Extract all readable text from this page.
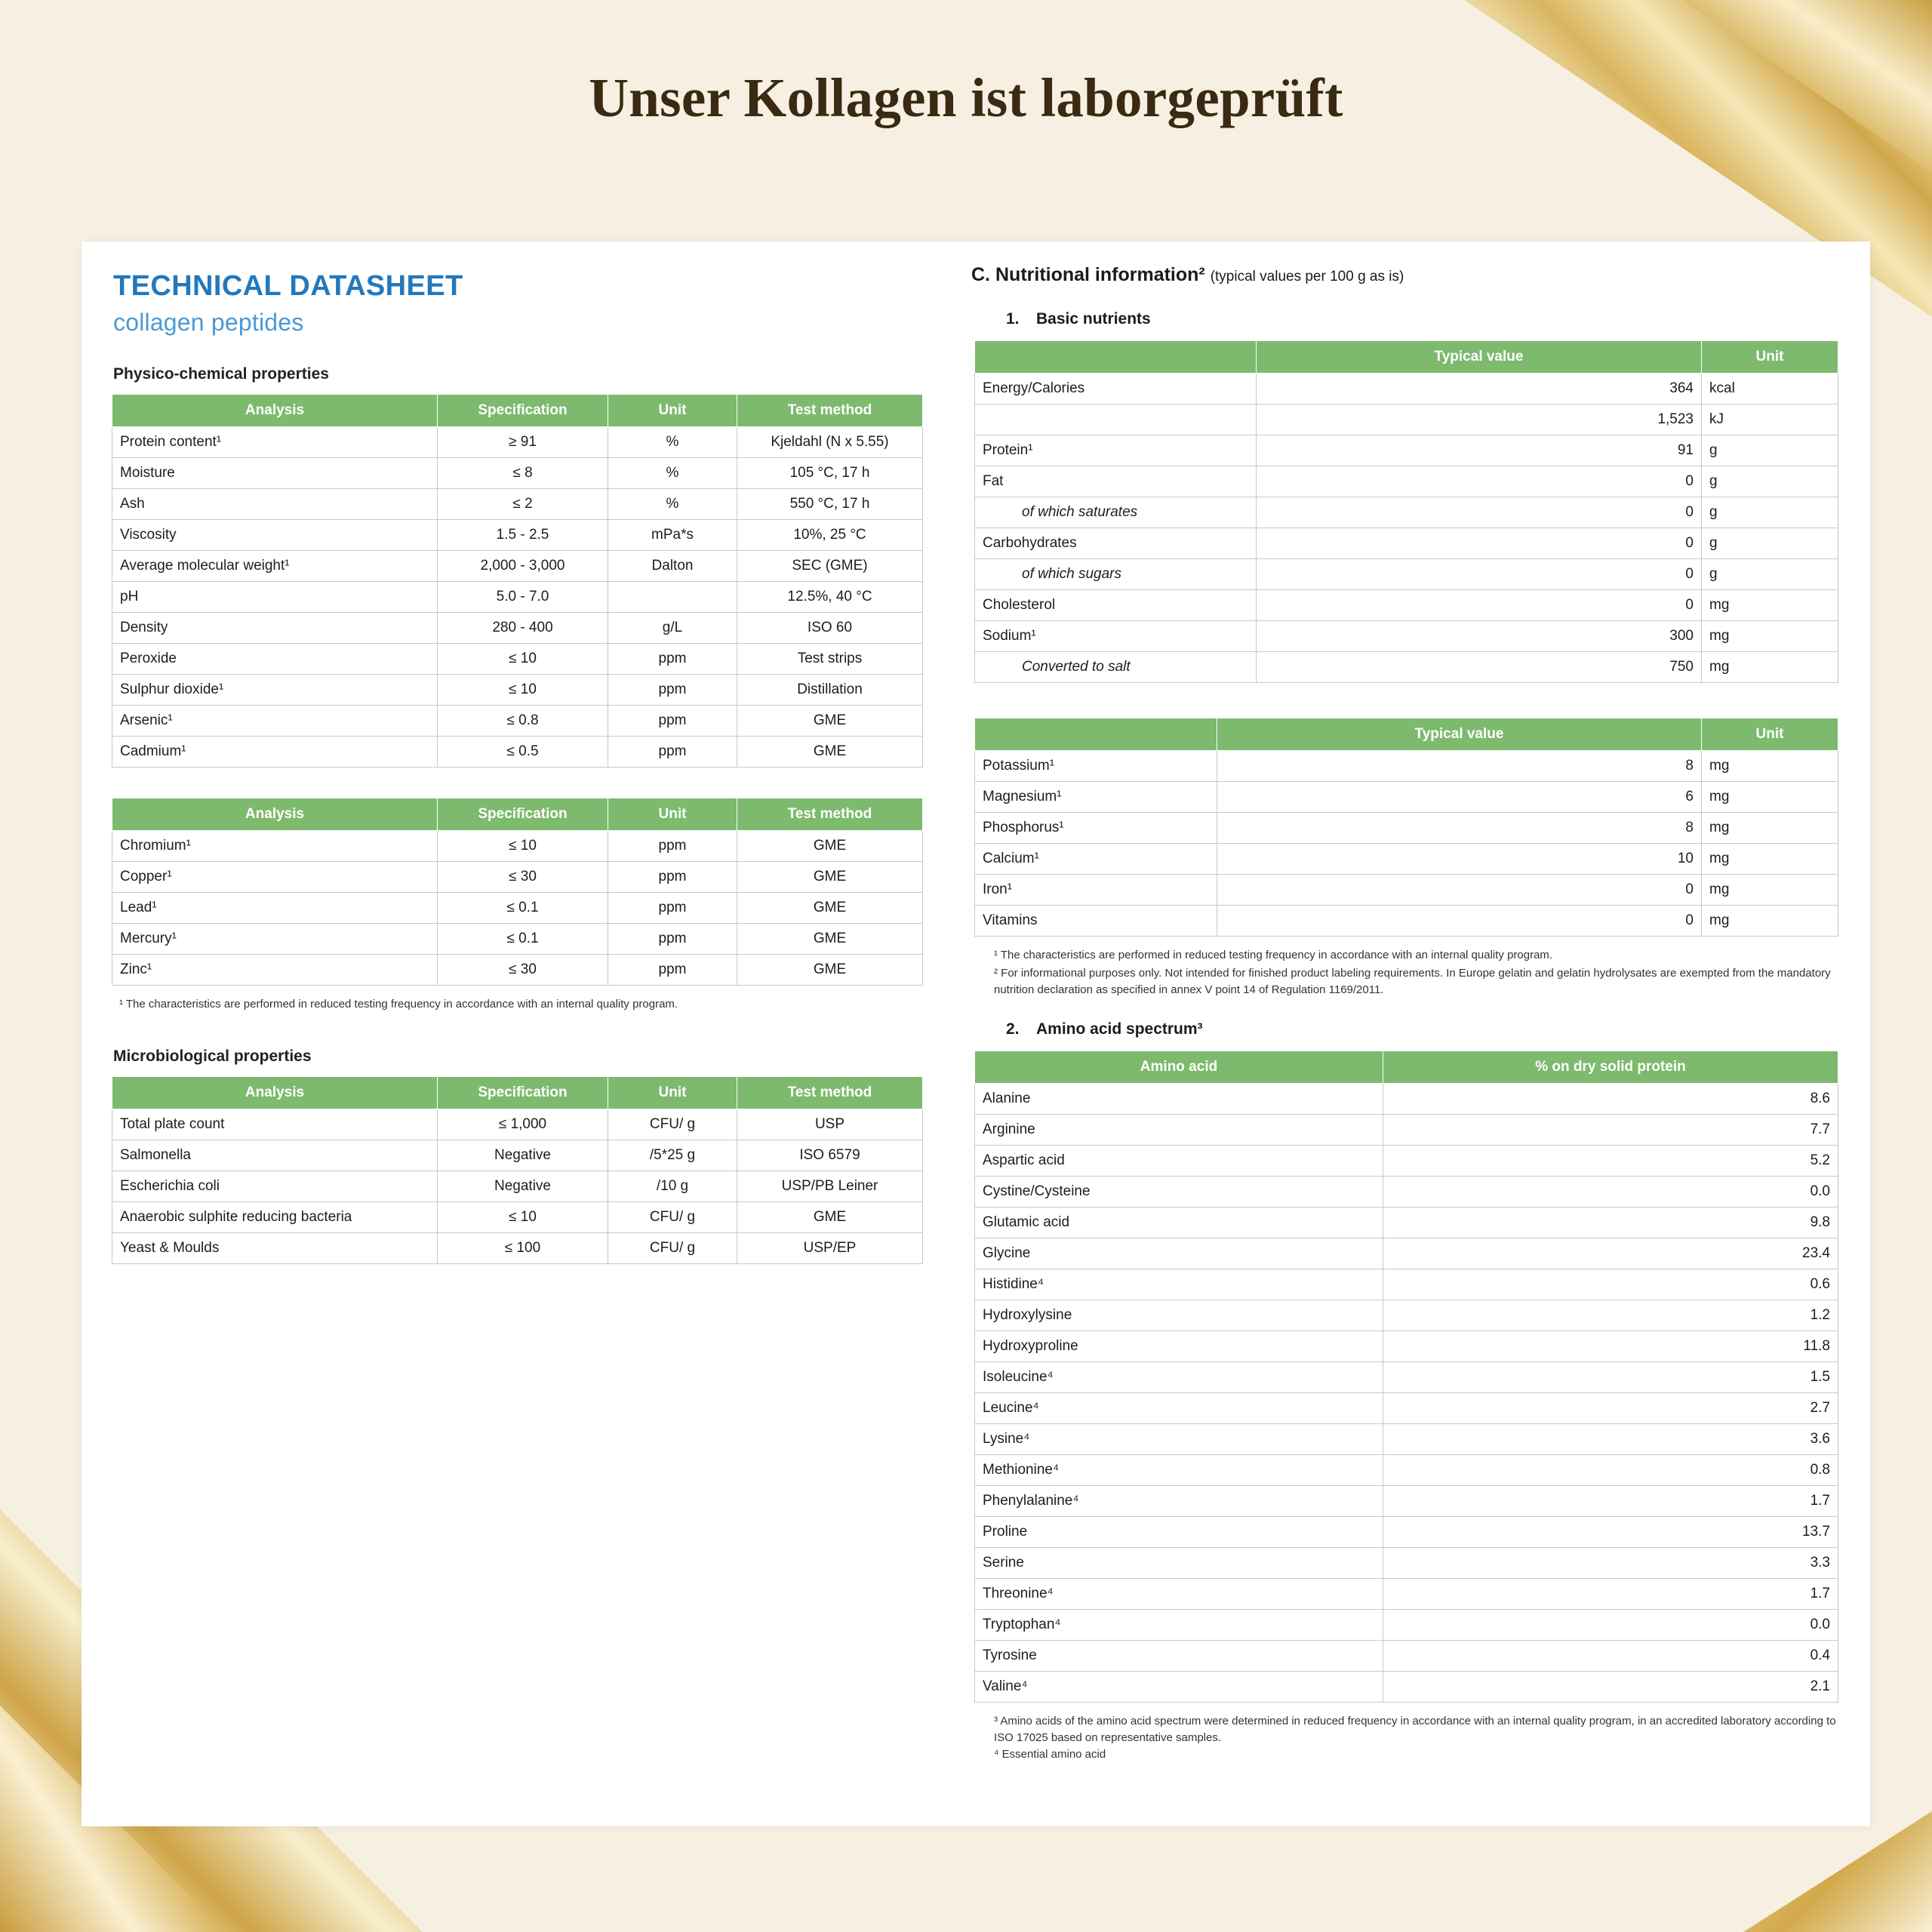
Unser Kollagen ist laborgeprüft
TECHNICAL DATASHEET
collagen peptides
Physico-chemical properties
Analysis	Specification	Unit	Test method
Protein content¹	≥ 91	%	Kjeldahl (N x 5.55)
Moisture	≤ 8	%	105 °C, 17 h
Ash	≤ 2	%	550 °C, 17 h
Viscosity	1.5 - 2.5	mPa*s	10%, 25 °C
Average molecular weight¹	2,000 - 3,000	Dalton	SEC (GME)
pH	5.0 - 7.0		12.5%, 40 °C
Density	280 - 400	g/L	ISO 60
Peroxide	≤ 10	ppm	Test strips
Sulphur dioxide¹	≤ 10	ppm	Distillation
Arsenic¹	≤ 0.8	ppm	GME
Cadmium¹	≤ 0.5	ppm	GME
Analysis	Specification	Unit	Test method
Chromium¹	≤ 10	ppm	GME
Copper¹	≤ 30	ppm	GME
Lead¹	≤ 0.1	ppm	GME
Mercury¹	≤ 0.1	ppm	GME
Zinc¹	≤ 30	ppm	GME
¹ The characteristics are performed in reduced testing frequency in accordance with an internal quality program.
Microbiological properties
Analysis	Specification	Unit	Test method
Total plate count	≤ 1,000	CFU/ g	USP
Salmonella	Negative	/5*25 g	ISO 6579
Escherichia coli	Negative	/10 g	USP/PB Leiner
Anaerobic sulphite reducing bacteria	≤ 10	CFU/ g	GME
Yeast & Moulds	≤ 100	CFU/ g	USP/EP
C. Nutritional information² (typical values per 100 g as is)
1. Basic nutrients
	Typical value	Unit
Energy/Calories	364	kcal
	1,523	kJ
Protein¹	91	g
Fat	0	g
of which saturates	0	g
Carbohydrates	0	g
of which sugars	0	g
Cholesterol	0	mg
Sodium¹	300	mg
Converted to salt	750	mg
	Typical value	Unit
Potassium¹	8	mg
Magnesium¹	6	mg
Phosphorus¹	8	mg
Calcium¹	10	mg
Iron¹	0	mg
Vitamins	0	mg
¹ The characteristics are performed in reduced testing frequency in accordance with an internal quality program.
² For informational purposes only. Not intended for finished product labeling requirements. In Europe gelatin and gelatin hydrolysates are exempted from the mandatory nutrition declaration as specified in annex V point 14 of Regulation 1169/2011.
2. Amino acid spectrum³
Amino acid	% on dry solid protein
Alanine	8.6
Arginine	7.7
Aspartic acid	5.2
Cystine/Cysteine	0.0
Glutamic acid	9.8
Glycine	23.4
Histidine⁴	0.6
Hydroxylysine	1.2
Hydroxyproline	11.8
Isoleucine⁴	1.5
Leucine⁴	2.7
Lysine⁴	3.6
Methionine⁴	0.8
Phenylalanine⁴	1.7
Proline	13.7
Serine	3.3
Threonine⁴	1.7
Tryptophan⁴	0.0
Tyrosine	0.4
Valine⁴	2.1
³ Amino acids of the amino acid spectrum were determined in reduced frequency in accordance with an internal quality program, in an accredited laboratory according to ISO 17025 based on representative samples.
⁴ Essential amino acid
